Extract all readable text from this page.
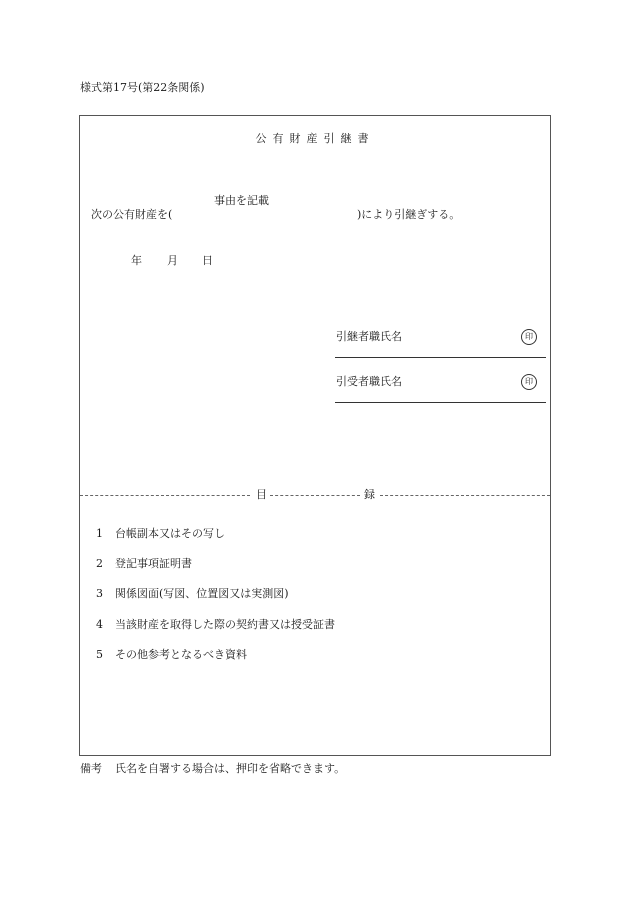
様式第17号(第22条関係)
公有財産引継書
事由を記載
次の公有財産を(	)により引継ぎする。
年 月 日
引継者職氏名	印
引受者職氏名	印
目	録
1 台帳副本又はその写し
2 登記事項証明書
3 関係図面(写図、位置図又は実測図)
4 当該財産を取得した際の契約書又は授受証書
5 その他参考となるべき資料
備考 氏名を自署する場合は、押印を省略できます。
